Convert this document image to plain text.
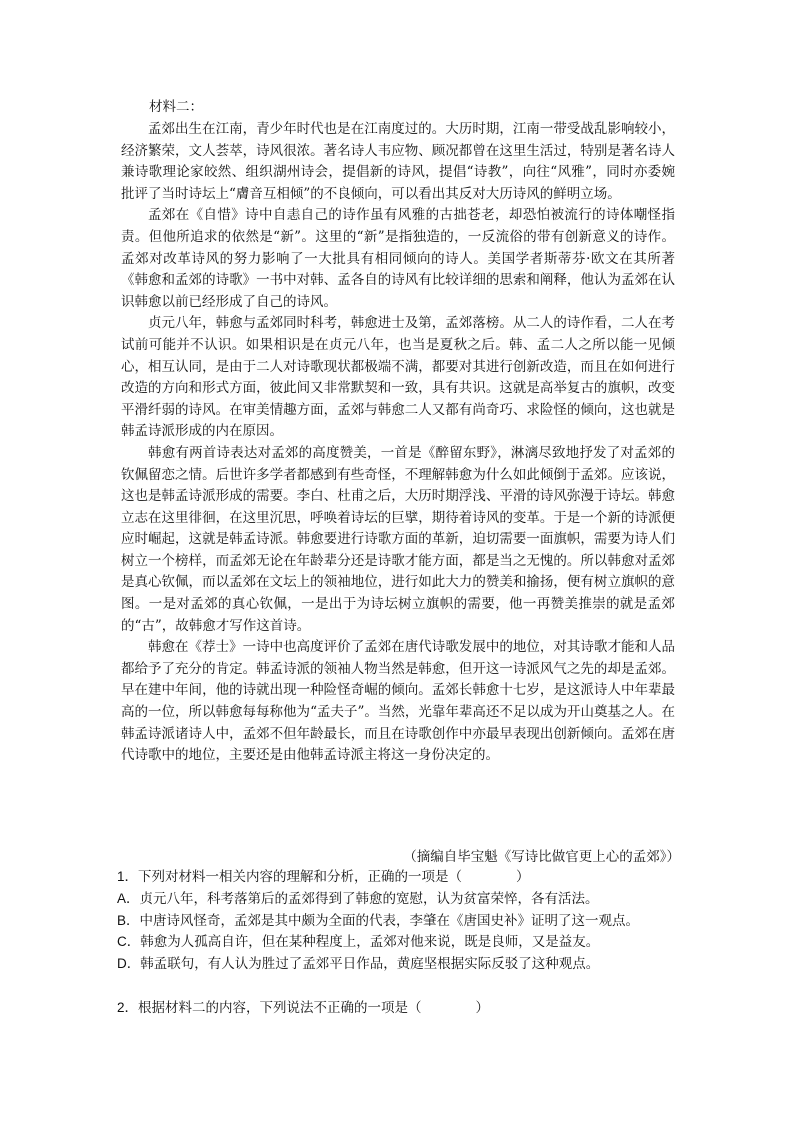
材料二：

孟郊出生在江南，青少年时代也是在江南度过的。大历时期，江南一带受战乱影响较小，经济繁荣，文人荟萃，诗风很浓。著名诗人韦应物、顾况都曾在这里生活过，特别是著名诗人兼诗歌理论家皎然、组织湖州诗会，提倡新的诗风，提倡“诗教”，向往“风雅”，同时亦委婉批评了当时诗坛上“膚音互相倾”的不良倾向，可以看出其反对大历诗风的鲜明立场。

孟郊在《自惜》诗中自恚自己的诗作虽有风雅的古拙苍老，却恐怕被流行的诗体嘲怪指责。但他所追求的依然是“新”。这里的“新”是指独造的，一反流俗的带有创新意义的诗作。孟郊对改革诗风的努力影响了一大批具有相同倾向的诗人。美国学者斯蒂芬·欧文在其所著《韩愈和孟郊的诗歌》一书中对韩、孟各自的诗风有比较详细的思索和阐释，他认为孟郊在认识韩愈以前已经形成了自己的诗风。

贞元八年，韩愈与孟郊同时科考，韩愈进士及第，孟郊落榜。从二人的诗作看，二人在考试前可能并不认识。如果相识是在贞元八年，也当是夏秋之后。韩、孟二人之所以能一见倾心，相互认同，是由于二人对诗歌现状都极端不满，都要对其进行创新改造，而且在如何进行改造的方向和形式方面，彼此间又非常默契和一致，具有共识。这就是高举复古的旗帜，改变平滑纤弱的诗风。在审美情趣方面，孟郊与韩愈二人又都有尚奇巧、求险怪的倾向，这也就是韩孟诗派形成的内在原因。

韩愈有两首诗表达对孟郊的高度赞美，一首是《醉留东野》，淋漓尽致地抒发了对孟郊的钦佩留恋之情。后世许多学者都感到有些奇怪，不理解韩愈为什么如此倾倒于孟郊。应该说，这也是韩孟诗派形成的需要。李白、杜甫之后，大历时期浮浅、平滑的诗风弥漫于诗坛。韩愈立志在这里徘徊，在这里沉思，呼唤着诗坛的巨擘，期待着诗风的变革。于是一个新的诗派便应时崛起，这就是韩孟诗派。韩愈要进行诗歌方面的革新，迫切需要一面旗帜，需要为诗人们树立一个榜样，而孟郊无论在年龄辈分还是诗歌才能方面，都是当之无愧的。所以韩愈对孟郊是真心钦佩，而以孟郊在文坛上的领袖地位，进行如此大力的赞美和揄扬，便有树立旗帜的意图。一是对孟郊的真心钦佩，一是出于为诗坛树立旗帜的需要，他一再赞美推崇的就是孟郊的“古”，故韩愈才写作这首诗。

韩愈在《荐士》一诗中也高度评价了孟郊在唐代诗歌发展中的地位，对其诗歌才能和人品都给予了充分的肯定。韩孟诗派的领袖人物当然是韩愈，但开这一诗派风气之先的却是孟郊。早在建中年间，他的诗就出现一种险怪奇崛的倾向。孟郊长韩愈十七岁，是这派诗人中年辈最高的一位，所以韩愈每每称他为“孟夫子”。当然，光靠年辈高还不足以成为开山奠基之人。在韩孟诗派诸诗人中，孟郊不但年龄最长，而且在诗歌创作中亦最早表现出创新倾向。孟郊在唐代诗歌中的地位，主要还是由他韩孟诗派主将这一身份决定的。

（摘编自毕宝魁《写诗比做官更上心的孟郊》）
1．下列对材料一相关内容的理解和分析，正确的一项是（　　　　）
A．贞元八年，科考落第后的孟郊得到了韩愈的宽慰，认为贫富荣悴，各有活法。
B．中唐诗风怪奇，孟郊是其中颇为全面的代表，李肇在《唐国史补》证明了这一观点。
C．韩愈为人孤高自许，但在某种程度上，孟郊对他来说，既是良师，又是益友。
D．韩孟联句，有人认为胜过了孟郊平日作品，黄庭坚根据实际反驳了这种观点。
2．根据材料二的内容，下列说法不正确的一项是（　　　　）
